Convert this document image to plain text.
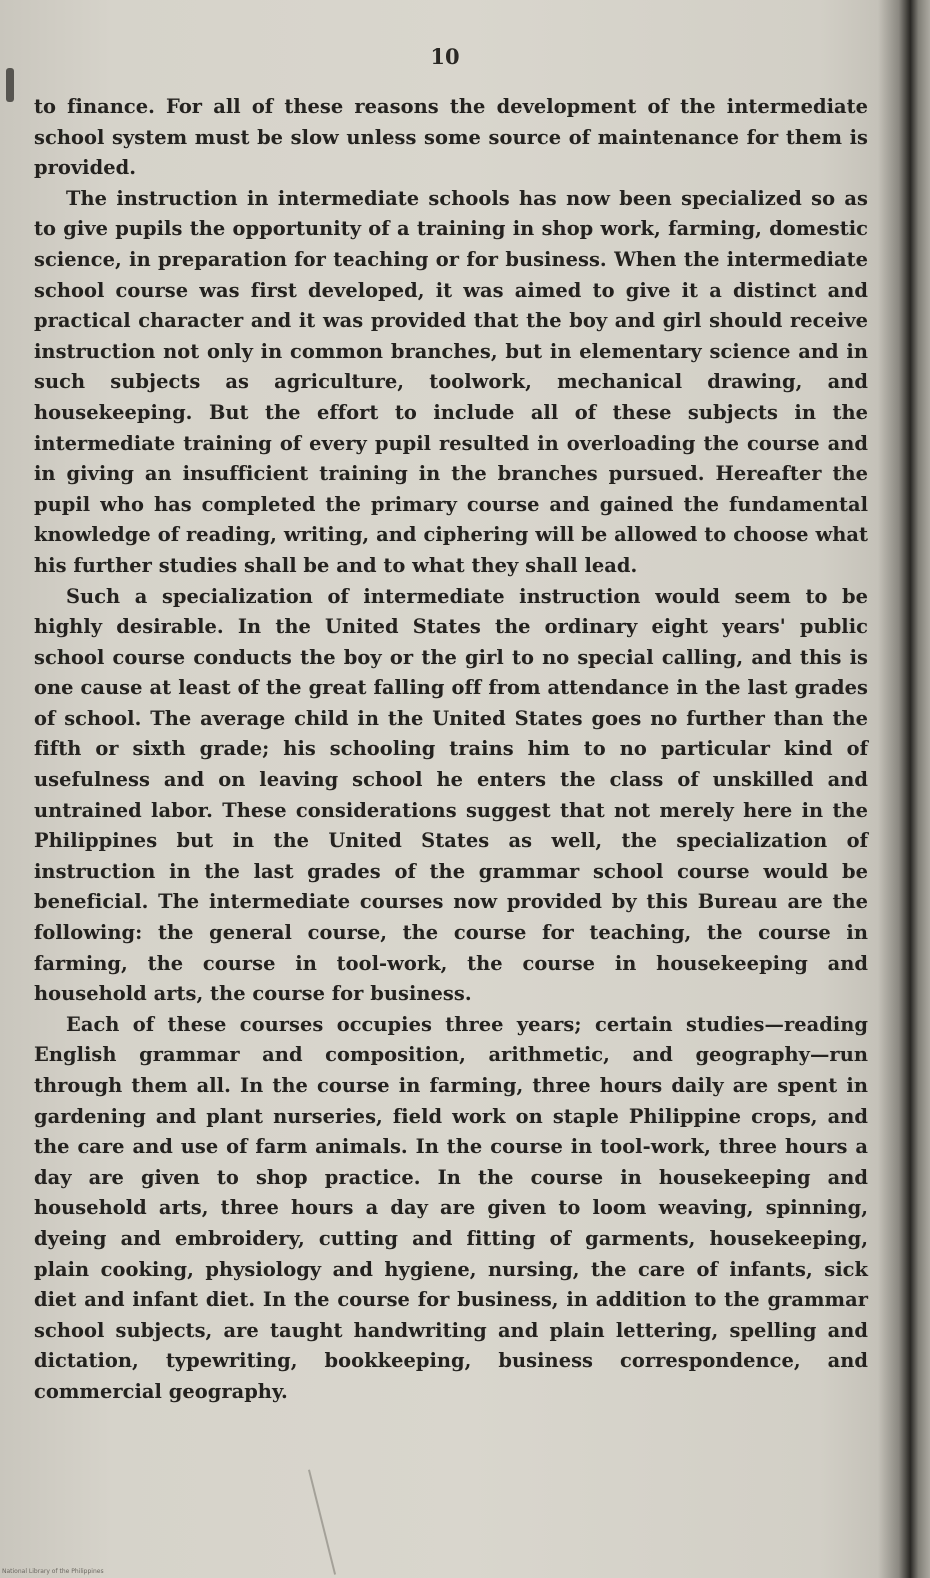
10

to finance. For all of these reasons the development of the intermediate school system must be slow unless some source of maintenance for them is provided.

The instruction in intermediate schools has now been specialized so as to give pupils the opportunity of a training in shop work, farming, domestic science, in preparation for teaching or for business. When the intermediate school course was first developed, it was aimed to give it a distinct and practical character and it was provided that the boy and girl should receive instruction not only in common branches, but in elementary science and in such subjects as agriculture, toolwork, mechanical drawing, and housekeeping. But the effort to include all of these subjects in the intermediate training of every pupil resulted in overloading the course and in giving an insufficient training in the branches pursued. Hereafter the pupil who has completed the primary course and gained the fundamental knowledge of reading, writing, and ciphering will be allowed to choose what his further studies shall be and to what they shall lead.

Such a specialization of intermediate instruction would seem to be highly desirable. In the United States the ordinary eight years' public school course conducts the boy or the girl to no special calling, and this is one cause at least of the great falling off from attendance in the last grades of school. The average child in the United States goes no further than the fifth or sixth grade; his schooling trains him to no particular kind of usefulness and on leaving school he enters the class of unskilled and untrained labor. These considerations suggest that not merely here in the Philippines but in the United States as well, the specialization of instruction in the last grades of the grammar school course would be beneficial. The intermediate courses now provided by this Bureau are the following: the general course, the course for teaching, the course in farming, the course in tool-work, the course in housekeeping and household arts, the course for business.

Each of these courses occupies three years; certain studies—reading English grammar and composition, arithmetic, and geography—run through them all. In the course in farming, three hours daily are spent in gardening and plant nurseries, field work on staple Philippine crops, and the care and use of farm animals. In the course in tool-work, three hours a day are given to shop practice. In the course in housekeeping and household arts, three hours a day are given to loom weaving, spinning, dyeing and embroidery, cutting and fitting of garments, housekeeping, plain cooking, physiology and hygiene, nursing, the care of infants, sick diet and infant diet. In the course for business, in addition to the grammar school subjects, are taught handwriting and plain lettering, spelling and dictation, typewriting, bookkeeping, business correspondence, and commercial geography.

National Library of the Philippines
